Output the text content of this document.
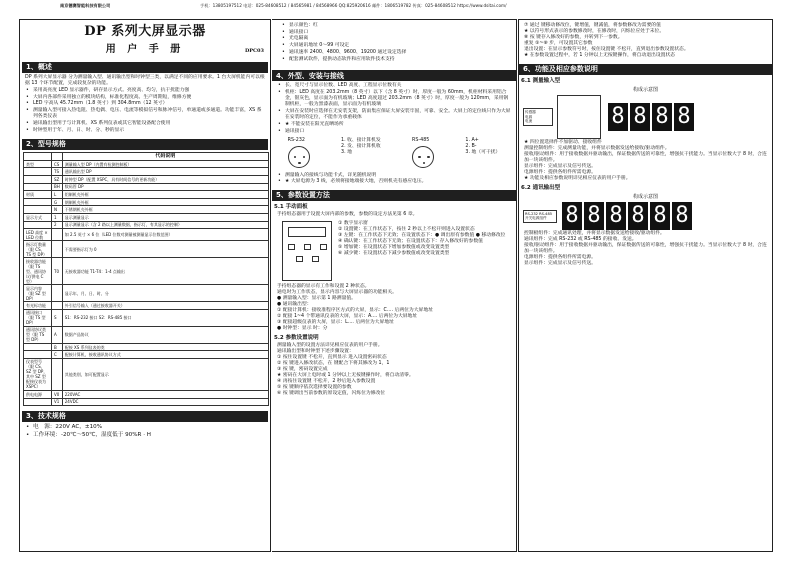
南京德赛智能科技有限公司	手机：13805197512 电话：025-84608512 / 84565981 / 84568966 QQ:825920616 邮件：1806519782 传真：025-84608512 https://www.dsitai.com/
DP 系列大屏显示器
用 户 手 册	DPC03
1、概述
DP 系列大屏显示器 分为测量输入型、通讯输出型和时钟型三类，以满足不同的应用要求。1 台大屏机能内可以根据 13 个环节配置，完成较复杂的功能。
• 采用高亮度 LED 显示器件，研存显示方式。亮度高、均匀，抗干扰能力强
• 大屏内各部件采用独立的模块结构，标准化程度高。生产周期短，维修方便
• LED 字高从 45.72mm（1.8 英寸）到 304.8mm（12 英寸）
• 测量输入型可接入热电阻、热电偶、电压、电流等模拟信号和脉冲信号，单通道或多通道。功能丰富，XS 系列各类仪表
• 通讯输出型用于与计算机、XS 系列仪表或其它智能设备配合使用
• 时钟型用于年、月、日、时、分、秒的显示
2、型号规格
		代码说明
类型	CS	测量输入型 DP（内置有检测控制板）
	TS	通讯输出型 DP
	SZ	时钟型 DP（配置 XSPC，具有时间信号的更新功能）
	BH	数码管 DP
材质	L	铝制机壳外框
	G	钢制机壳外框
	N	不锈钢机壳外框
显示方式	1	显示测量显示
	2	显示测量显示（含 2 路以上测量数据，指示灯，有其显示的控制）
LED 高度 × LED 位数		如 2.5 英寸 × 6 位（LED 位数对测量被测量显示位数范围）
指示灯数量（限 CS、TS 型 DP）		不需要指示灯为 0
接收器功能（限 TS 型、通讯协议/供电 C 型）	T0	无接收器功能 T1-T4：1-4 点输出
显示内容（限 SZ 型 DP）		显示年、月、日、时、分
有光标功能		外引信号输入（通过接收器开关）
通讯接口（限 TS 型 DP）	S	S1：RS-232 接口 S2：RS-485 接口
通讯协议类型（限 TS 型 DP）	A	数据产品协议
	B	配接 XS 系列仪表的类
	C	配接计算机，接收通讯协议方式
仪表型号（限 CS、SZ 型 DP，其中 SZ 型配接仪表为 XSPC）		其他类别，如可配置显示
供电电源	V0	220VAC
	V1	24VDC
3、技术规格
• 电　源：220V AC，±10%
• 工作环境：-20℃～50℃，湿度低于 90%R · H
• 显示颜色：红
• 通讯接口
• 光电隔离
• 大屏通讯地址 0～99 可设定
• 通讯速率 2400、4800、9600、19200 通过设定选择
• 配套测试软件，提供动态软件和应用软件技术支持
4、外型、安装与接线
• 长、宽尺寸与显示位数、LED 高度、工程显示位数有关
• 机柜：LED 高度在 203.2mm（8 英寸）以下（含 8 英寸）时，厚度一般为 60mm，机柜材料采用铝合金，银灰色，显示面为有机玻璃；LED 高度超过 203.2mm（8 英寸）时，厚度一般为 120mm，采用钢制机柜，一般为黑漆表面，显示面为有机玻璃
• 大屏在安装时应选择在无安装支架，防雨集应保证大屏安装牢固，可靠、安全。大屏上的定位线只作为大屏在安装时的定位，不能作为承重载体
• ★ 不能安装在阳光直晒场所
• 通讯接口
RS-232	1. 收、接计算机发
2. 发、接计算机收
3. 地
RS-485	1. A+
2. B-
3. 地（可干扰）
• 测量输入的接线与功能卡式，详见随机说明
• ★ 大屏电源为 3 线，必须将接地端接大地，否则机壳有感应电压。
5、参数设置方法
5.1 手动面板
手持组态器用于设置大屏内部的参数，参数的设定方法见第 6 章。
① 数字显示窗
② 设置键：在工作状态下，按住 2 秒以上不松开则进入设置状态
③ 左键：在工作状态下无效；在设置状态下：● 调出原有参数值 ● 移动修改位
④ 确认键：在工作状态下无效；在设置状态下：存入修改好的参数值
⑤ 增加键：在设置状态下增加参数值或改变设置类型
⑥ 减少键：在设置状态下减少参数值或改变设置类型
手持组态器的显示有工作和设置 2 种状态。
通电时为工作状态，显示内容与大屏显示器的功能相关。
● 测量输入型：显示第 1 路测量值。
● 通讯输出型：
① 配接计算机：接收准程序区方式的大屏，显示：C.... 后两位为大屏地址
② 配接 1~4 个带通讯仪表的大屏，显示：A.... 后两位为大屏地址
③ 配接超级仪表的大屏，显示：L.... 后两位为大屏地址
● 时钟型：显示 时：分
5.2 参数设置说明
测量输入型的设置方法详见相应仪表的用户手册。
通讯输出型和时钟型下述步骤设置：
① 按住设置键 不松开，直到显示 进入设置密码状态
② 按 键进入修改状态，在 键配合下将其修改为 1，1
③ 按 键，密码设置完成
★ 密码在大屏上电时或 1 分钟以上无按键操作时，将自动清零。
④ 再按住设置键 不松开，2 秒后进入参数设置
⑤ 按 键顺序依次选择要设置的参数
⑥ 按 键调出当前参数的原设定值，闪烁位为修改位
⑦ 通过 键移动修改位，键增值，键减值，将参数修改为需要的值
★ 以符号形式表示的参数修改时，在修改时，闪烁位应处于末位。
⑧ 按 键存入修改好的参数，并转到下一参数。
重复 ⑤~⑧ 步，可设置其它参数
退出设置：在显示参数符号时，按住设置键 不松开，直到退出参数设置状态。
★ 在参数设置过程中，若 1 分钟以上无按键操作，将自动退出设置状态
6、功能及相应参数说明
6.1 测量输入型
构成示意图
传感器
电源
电流	8 8 8 8
★ 四位置选择件不加驱动、接收组件
测量控制组件：完成测量功能，并将显示数据发送给接收/驱动组件。
接收/驱动组件：用于接收数据并驱动输出，保证数据传送的可靠性，增强抗干扰能力。当显示位数大于 8 时，合连加一块该组件。
显示组件：完成显示及信号传送。
电源组件：提供各组件所需电源。
★ 功能及相应参数说明详见相应仪表的用户手册。
6.2 通讯输出型
构成示意图
RS-232 RS-485
开关电源组件 8 8 8 8 8 8
控制板组件：完成通讯处理，并将显示数据发送给接收/驱动组件。
通讯组件：完成 RS-232 或 RS-485 的接收、发送。
接收/驱动组件：用于接收数据并驱动输出，保证数据传送的可靠性，增强抗干扰能力。当显示位数大于 8 时，合连加一块该组件。
电源组件：提供各组件所需电源。
显示组件：完成显示及信号传送。
